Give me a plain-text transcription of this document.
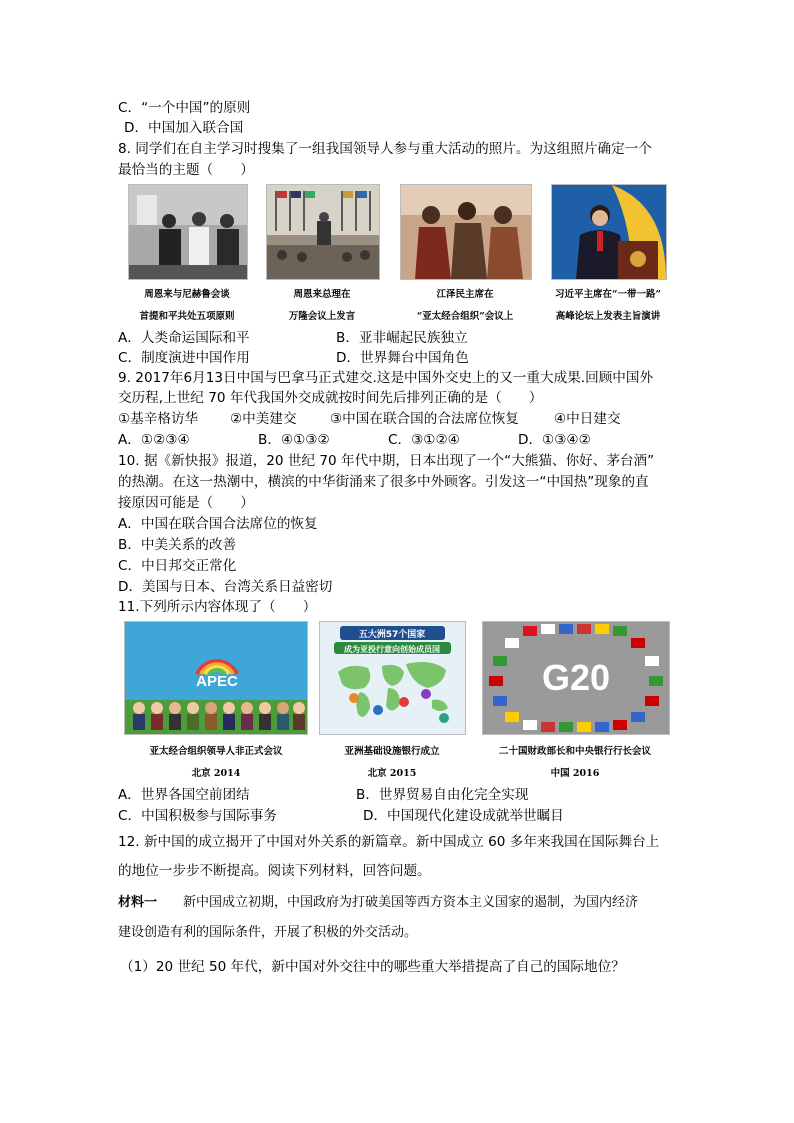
C．“一个中国”的原则
D．中国加入联合国
8. 同学们在自主学习时搜集了一组我国领导人参与重大活动的照片。为这组照片确定一个
最恰当的主题（　　）
周恩来与尼赫鲁会谈
首提和平共处五项原则
周恩来总理在
万隆会议上发言
江泽民主席在
“亚太经合组织”会议上
习近平主席在“一带一路”
高峰论坛上发表主旨演讲
A．人类命运国际和平	B．亚非崛起民族独立
C．制度演进中国作用	D．世界舞台中国角色
9. 2017年6月13日中国与巴拿马正式建交.这是中国外交史上的又一重大成果.回顾中国外
交历程,上世纪 70 年代我国外交成就按时间先后排列正确的是（　　）
①基辛格访华 ②中美建交 ③中国在联合国的合法席位恢复	④中日建交
A．①②③④	B．④①③②	C．③①②④	D．①③④②
10. 据《新快报》报道，20 世纪 70 年代中期，日本出现了一个“大熊猫、你好、茅台酒”
的热潮。在这一热潮中，横滨的中华街涌来了很多中外顾客。引发这一“中国热”现象的直
接原因可能是（　　）
A．中国在联合国合法席位的恢复
B．中美关系的改善
C．中日邦交正常化
D．美国与日本、台湾关系日益密切
11.下列所示内容体现了（　　）
APEC
五大洲57个国家
成为亚投行意向创始成员国
G20
亚太经合组织领导人非正式会议
北京 2014
亚洲基础设施银行成立
北京 2015
二十国财政部长和中央银行行长会议
中国 2016
A．世界各国空前团结	B．世界贸易自由化完全实现
C．中国积极参与国际事务	D．中国现代化建设成就举世瞩目
12. 新中国的成立揭开了中国对外关系的新篇章。新中国成立 60 多年来我国在国际舞台上
的地位一步步不断提高。阅读下列材料，回答问题。
材料一 新中国成立初期，中国政府为打破美国等西方资本主义国家的遏制，为国内经济
建设创造有利的国际条件，开展了积极的外交活动。
（1）20 世纪 50 年代，新中国对外交往中的哪些重大举措提高了自己的国际地位？
